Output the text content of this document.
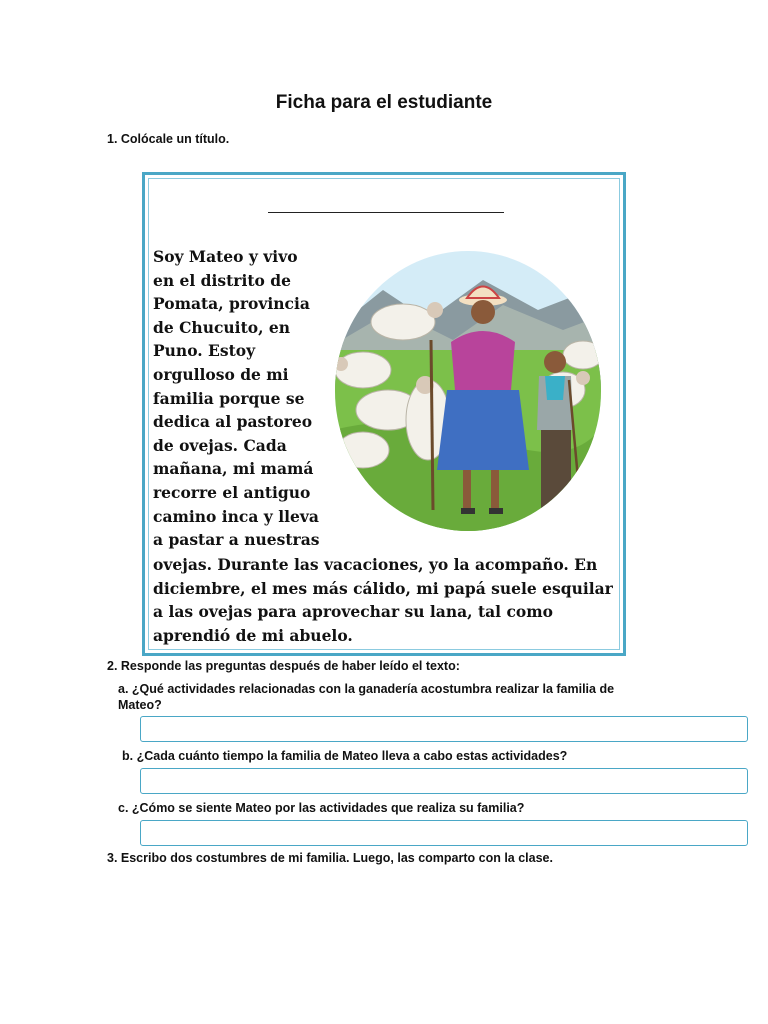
Ficha para el estudiante
1. Colócale un título.

Soy Mateo y vivo
en el distrito de
Pomata, provincia
de Chucuito, en
Puno. Estoy
orgulloso de mi
familia porque se
dedica al pastoreo
de ovejas. Cada
mañana, mi mamá
recorre el antiguo
camino inca y lleva
a pastar a nuestras

ovejas. Durante las vacaciones, yo la acompaño. En diciembre, el mes más cálido, mi papá suele esquilar a las ovejas para aprovechar su lana, tal como aprendió de mi abuelo.

2. Responde las preguntas después de haber leído el texto:
a. ¿Qué actividades relacionadas con la ganadería acostumbra realizar la familia de Mateo?
b. ¿Cada cuánto tiempo la familia de Mateo lleva a cabo estas actividades?
c. ¿Cómo se siente Mateo por las actividades que realiza su familia?
3. Escribo dos costumbres de mi familia. Luego, las comparto con la clase.
